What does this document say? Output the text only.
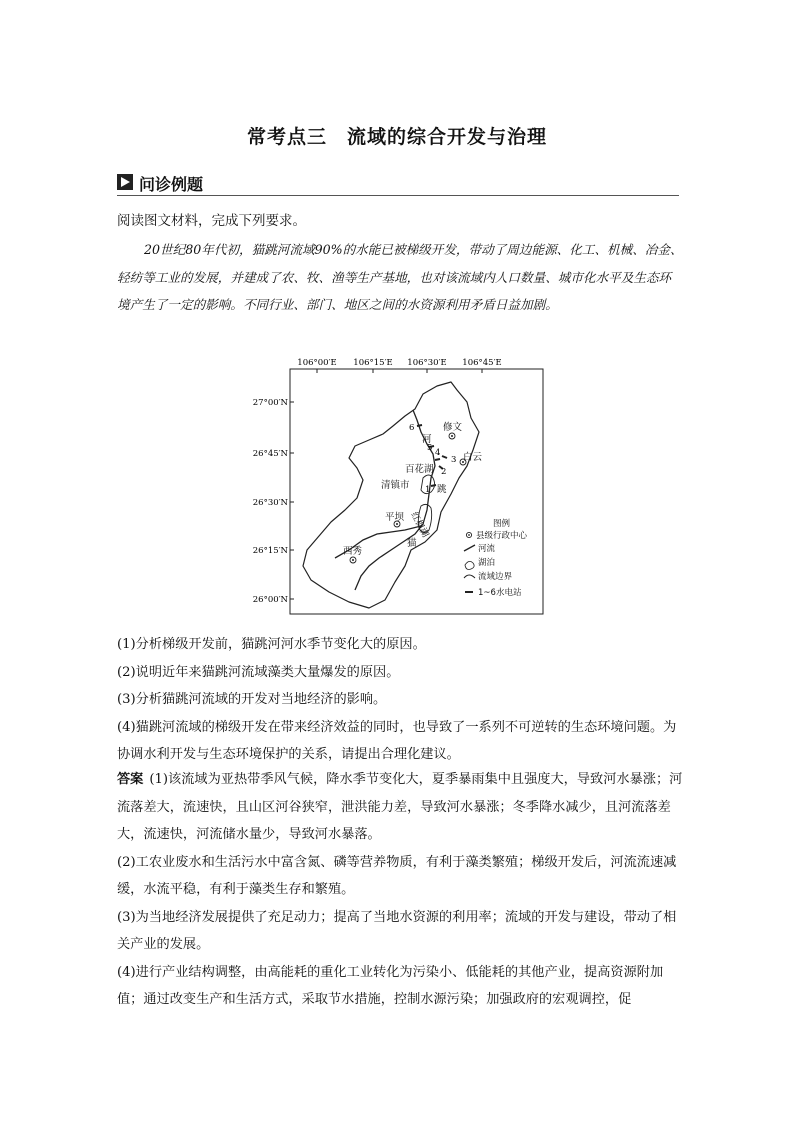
常考点三　流域的综合开发与治理
问诊例题
阅读图文材料，完成下列要求。
20世纪80年代初，猫跳河流域90%的水能已被梯级开发，带动了周边能源、化工、机械、冶金、轻纺等工业的发展，并建成了农、牧、渔等生产基地，也对该流域内人口数量、城市化水平及生态环境产生了一定的影响。不同行业、部门、地区之间的水资源利用矛盾日益加剧。
106°00′E 106°15′E 106°30′E 106°45′E
27°00′N
26°45′N
26°30′N
26°15′N
26°00′N
6
5 4
3
2
1
修文
白云
百花湖
清镇市
平坝
西秀
河
跳
猫
红枫湖	图例
县级行政中心
河流
湖泊
流域边界
1~6水电站
(1)分析梯级开发前，猫跳河河水季节变化大的原因。
(2)说明近年来猫跳河流域藻类大量爆发的原因。
(3)分析猫跳河流域的开发对当地经济的影响。
(4)猫跳河流域的梯级开发在带来经济效益的同时，也导致了一系列不可逆转的生态环境问题。为协调水利开发与生态环境保护的关系，请提出合理化建议。
答案 (1)该流域为亚热带季风气候，降水季节变化大，夏季暴雨集中且强度大，导致河水暴涨；河流落差大，流速快，且山区河谷狭窄，泄洪能力差，导致河水暴涨；冬季降水减少，且河流落差大，流速快，河流储水量少，导致河水暴落。
(2)工农业废水和生活污水中富含氮、磷等营养物质，有利于藻类繁殖；梯级开发后，河流流速减缓，水流平稳，有利于藻类生存和繁殖。
(3)为当地经济发展提供了充足动力；提高了当地水资源的利用率；流域的开发与建设，带动了相关产业的发展。
(4)进行产业结构调整，由高能耗的重化工业转化为污染小、低能耗的其他产业，提高资源附加值；通过改变生产和生活方式，采取节水措施，控制水源污染；加强政府的宏观调控，促
